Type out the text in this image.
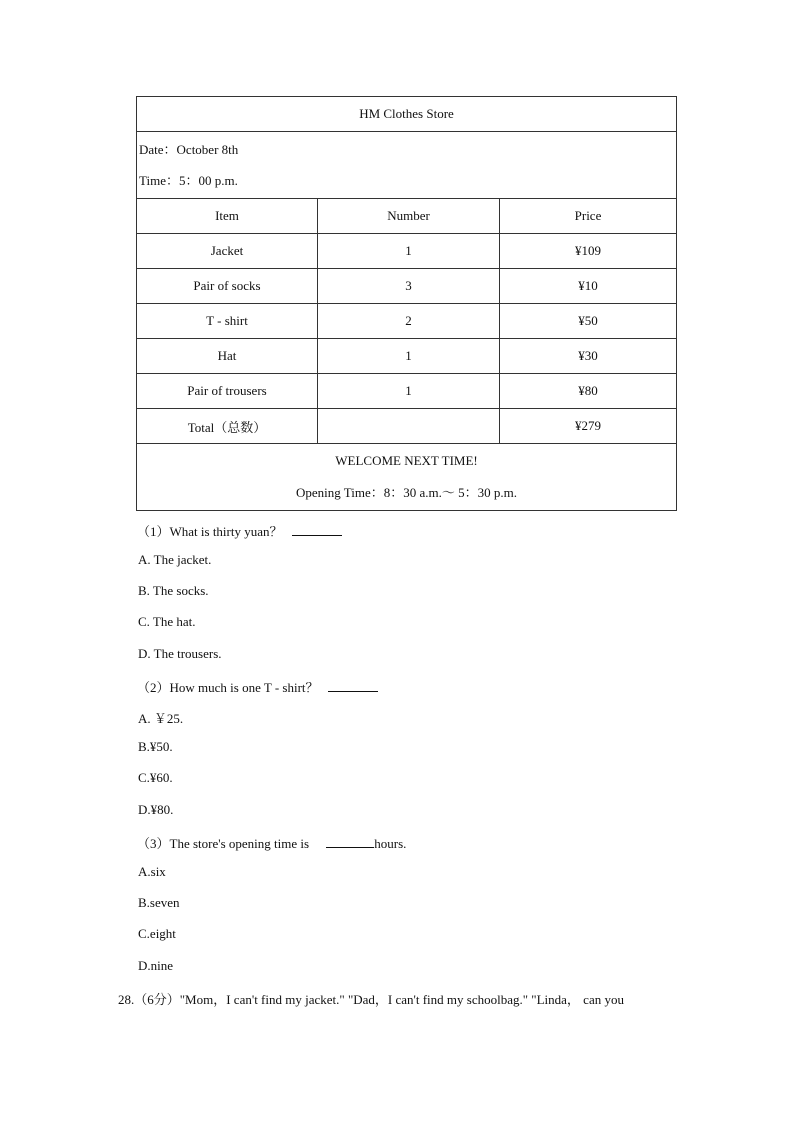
HM Clothes Store		

Date：October 8th
Time：5：00 p.m.		

Item	Number	Price
Jacket	1	¥109
Pair of socks	3	¥10
T - shirt	2	¥50
Hat	1	¥30
Pair of trousers	1	¥80
Total（总数）		¥279

WELCOME NEXT TIME!
Opening Time：8：30 a.m.～ 5：30 p.m.		
（1）What is thirty yuan？
A. The jacket.
B. The socks.
C. The hat.
D. The trousers.
（2）How much is one T - shirt？
A. ￥25.
B.¥50.
C.¥60.
D.¥80.
（3）The store's opening time is	hours.
A.six
B.seven
C.eight
D.nine
28.（6分）"Mom，I can't find my jacket." "Dad，I can't find my schoolbag." "Linda， can you
